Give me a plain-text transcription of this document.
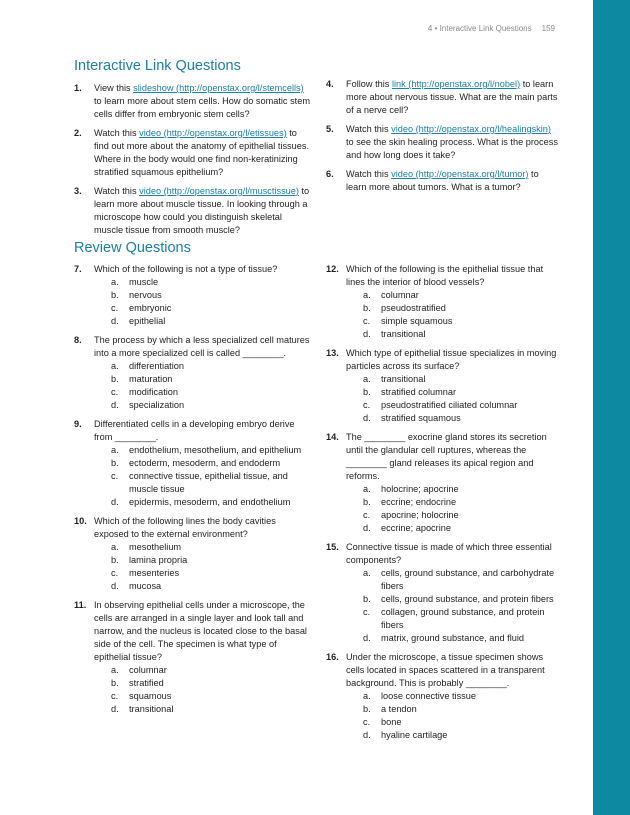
4 • Interactive Link Questions 159
Interactive Link Questions
1. View this slideshow (http://openstax.org/l/stemcells) to learn more about stem cells. How do somatic stem cells differ from embryonic stem cells?
2. Watch this video (http://openstax.org/l/etissues) to find out more about the anatomy of epithelial tissues. Where in the body would one find non-keratinizing stratified squamous epithelium?
3. Watch this video (http://openstax.org/l/musctissue) to learn more about muscle tissue. In looking through a microscope how could you distinguish skeletal muscle tissue from smooth muscle?
4. Follow this link (http://openstax.org/l/nobel) to learn more about nervous tissue. What are the main parts of a nerve cell?
5. Watch this video (http://openstax.org/l/healingskin) to see the skin healing process. What is the process and how long does it take?
6. Watch this video (http://openstax.org/l/tumor) to learn more about tumors. What is a tumor?
Review Questions
7. Which of the following is not a type of tissue?
a. muscle
b. nervous
c. embryonic
d. epithelial
8. The process by which a less specialized cell matures into a more specialized cell is called ________.
a. differentiation
b. maturation
c. modification
d. specialization
9. Differentiated cells in a developing embryo derive from ________.
a. endothelium, mesothelium, and epithelium
b. ectoderm, mesoderm, and endoderm
c. connective tissue, epithelial tissue, and muscle tissue
d. epidermis, mesoderm, and endothelium
10. Which of the following lines the body cavities exposed to the external environment?
a. mesothelium
b. lamina propria
c. mesenteries
d. mucosa
11. In observing epithelial cells under a microscope, the cells are arranged in a single layer and look tall and narrow, and the nucleus is located close to the basal side of the cell. The specimen is what type of epithelial tissue?
a. columnar
b. stratified
c. squamous
d. transitional
12. Which of the following is the epithelial tissue that lines the interior of blood vessels?
a. columnar
b. pseudostratified
c. simple squamous
d. transitional
13. Which type of epithelial tissue specializes in moving particles across its surface?
a. transitional
b. stratified columnar
c. pseudostratified ciliated columnar
d. stratified squamous
14. The ________ exocrine gland stores its secretion until the glandular cell ruptures, whereas the ________ gland releases its apical region and reforms.
a. holocrine; apocrine
b. eccrine; endocrine
c. apocrine; holocrine
d. eccrine; apocrine
15. Connective tissue is made of which three essential components?
a. cells, ground substance, and carbohydrate fibers
b. cells, ground substance, and protein fibers
c. collagen, ground substance, and protein fibers
d. matrix, ground substance, and fluid
16. Under the microscope, a tissue specimen shows cells located in spaces scattered in a transparent background. This is probably ________.
a. loose connective tissue
b. a tendon
c. bone
d. hyaline cartilage
